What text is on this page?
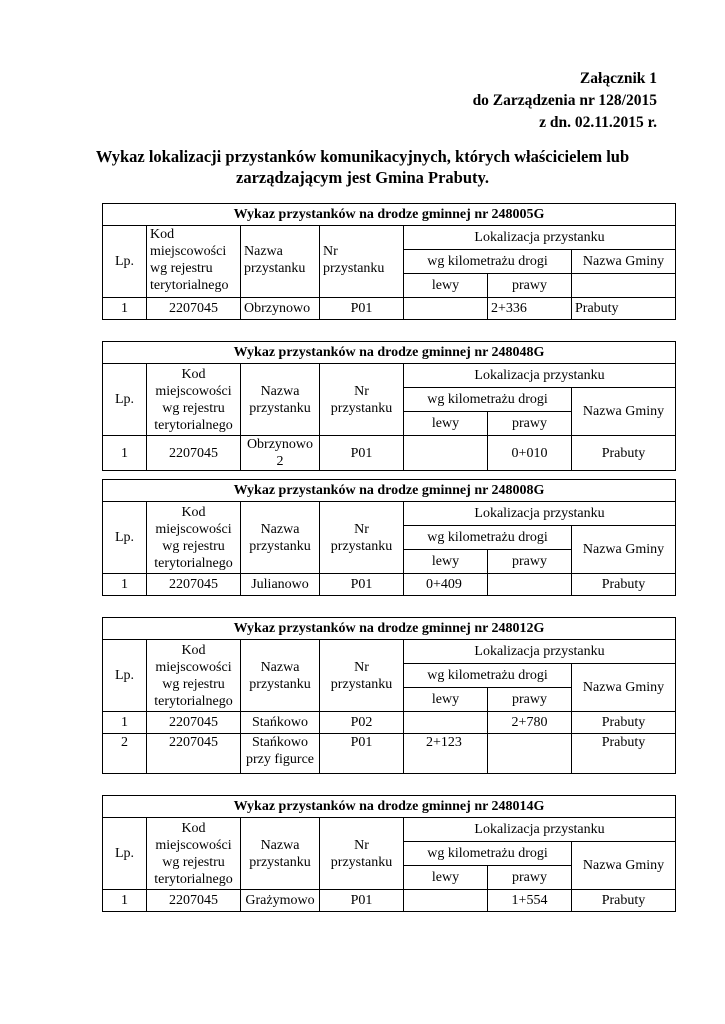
Załącznik 1
do Zarządzenia nr 128/2015
z dn. 02.11.2015 r.
Wykaz lokalizacji przystanków komunikacyjnych, których właścicielem lub
zarządzającym jest Gmina Prabuty.
Wykaz przystanków na drodze gminnej nr 248005G						
Lp.	Kod miejscowości wg rejestru terytorialnego	Nazwa przystanku	Nr przystanku	Lokalizacja przystanku		
				wg kilometrażu drogi		Nazwa Gminy
				lewy	prawy	
1	2207045	Obrzynowo	P01		2+336	Prabuty
Wykaz przystanków na drodze gminnej nr 248048G						
Lp.	Kod miejscowości wg rejestru terytorialnego	Nazwa przystanku	Nr przystanku	Lokalizacja przystanku		
				wg kilometrażu drogi		Nazwa Gminy
				lewy	prawy	
1	2207045	Obrzynowo 2	P01		0+010	Prabuty
Wykaz przystanków na drodze gminnej nr 248008G						
Lp.	Kod miejscowości wg rejestru terytorialnego	Nazwa przystanku	Nr przystanku	Lokalizacja przystanku		
				wg kilometrażu drogi		Nazwa Gminy
				lewy	prawy	
1	2207045	Julianowo	P01	0+409		Prabuty
Wykaz przystanków na drodze gminnej nr 248012G						
Lp.	Kod miejscowości wg rejestru terytorialnego	Nazwa przystanku	Nr przystanku	Lokalizacja przystanku		
				wg kilometrażu drogi		Nazwa Gminy
				lewy	prawy	
1	2207045	Stańkowo	P02		2+780	Prabuty
2	2207045	Stańkowo przy figurce	P01	2+123		Prabuty
Wykaz przystanków na drodze gminnej nr 248014G						
Lp.	Kod miejscowości wg rejestru terytorialnego	Nazwa przystanku	Nr przystanku	Lokalizacja przystanku		
				wg kilometrażu drogi		Nazwa Gminy
				lewy	prawy	
1	2207045	Grażymowo	P01		1+554	Prabuty
